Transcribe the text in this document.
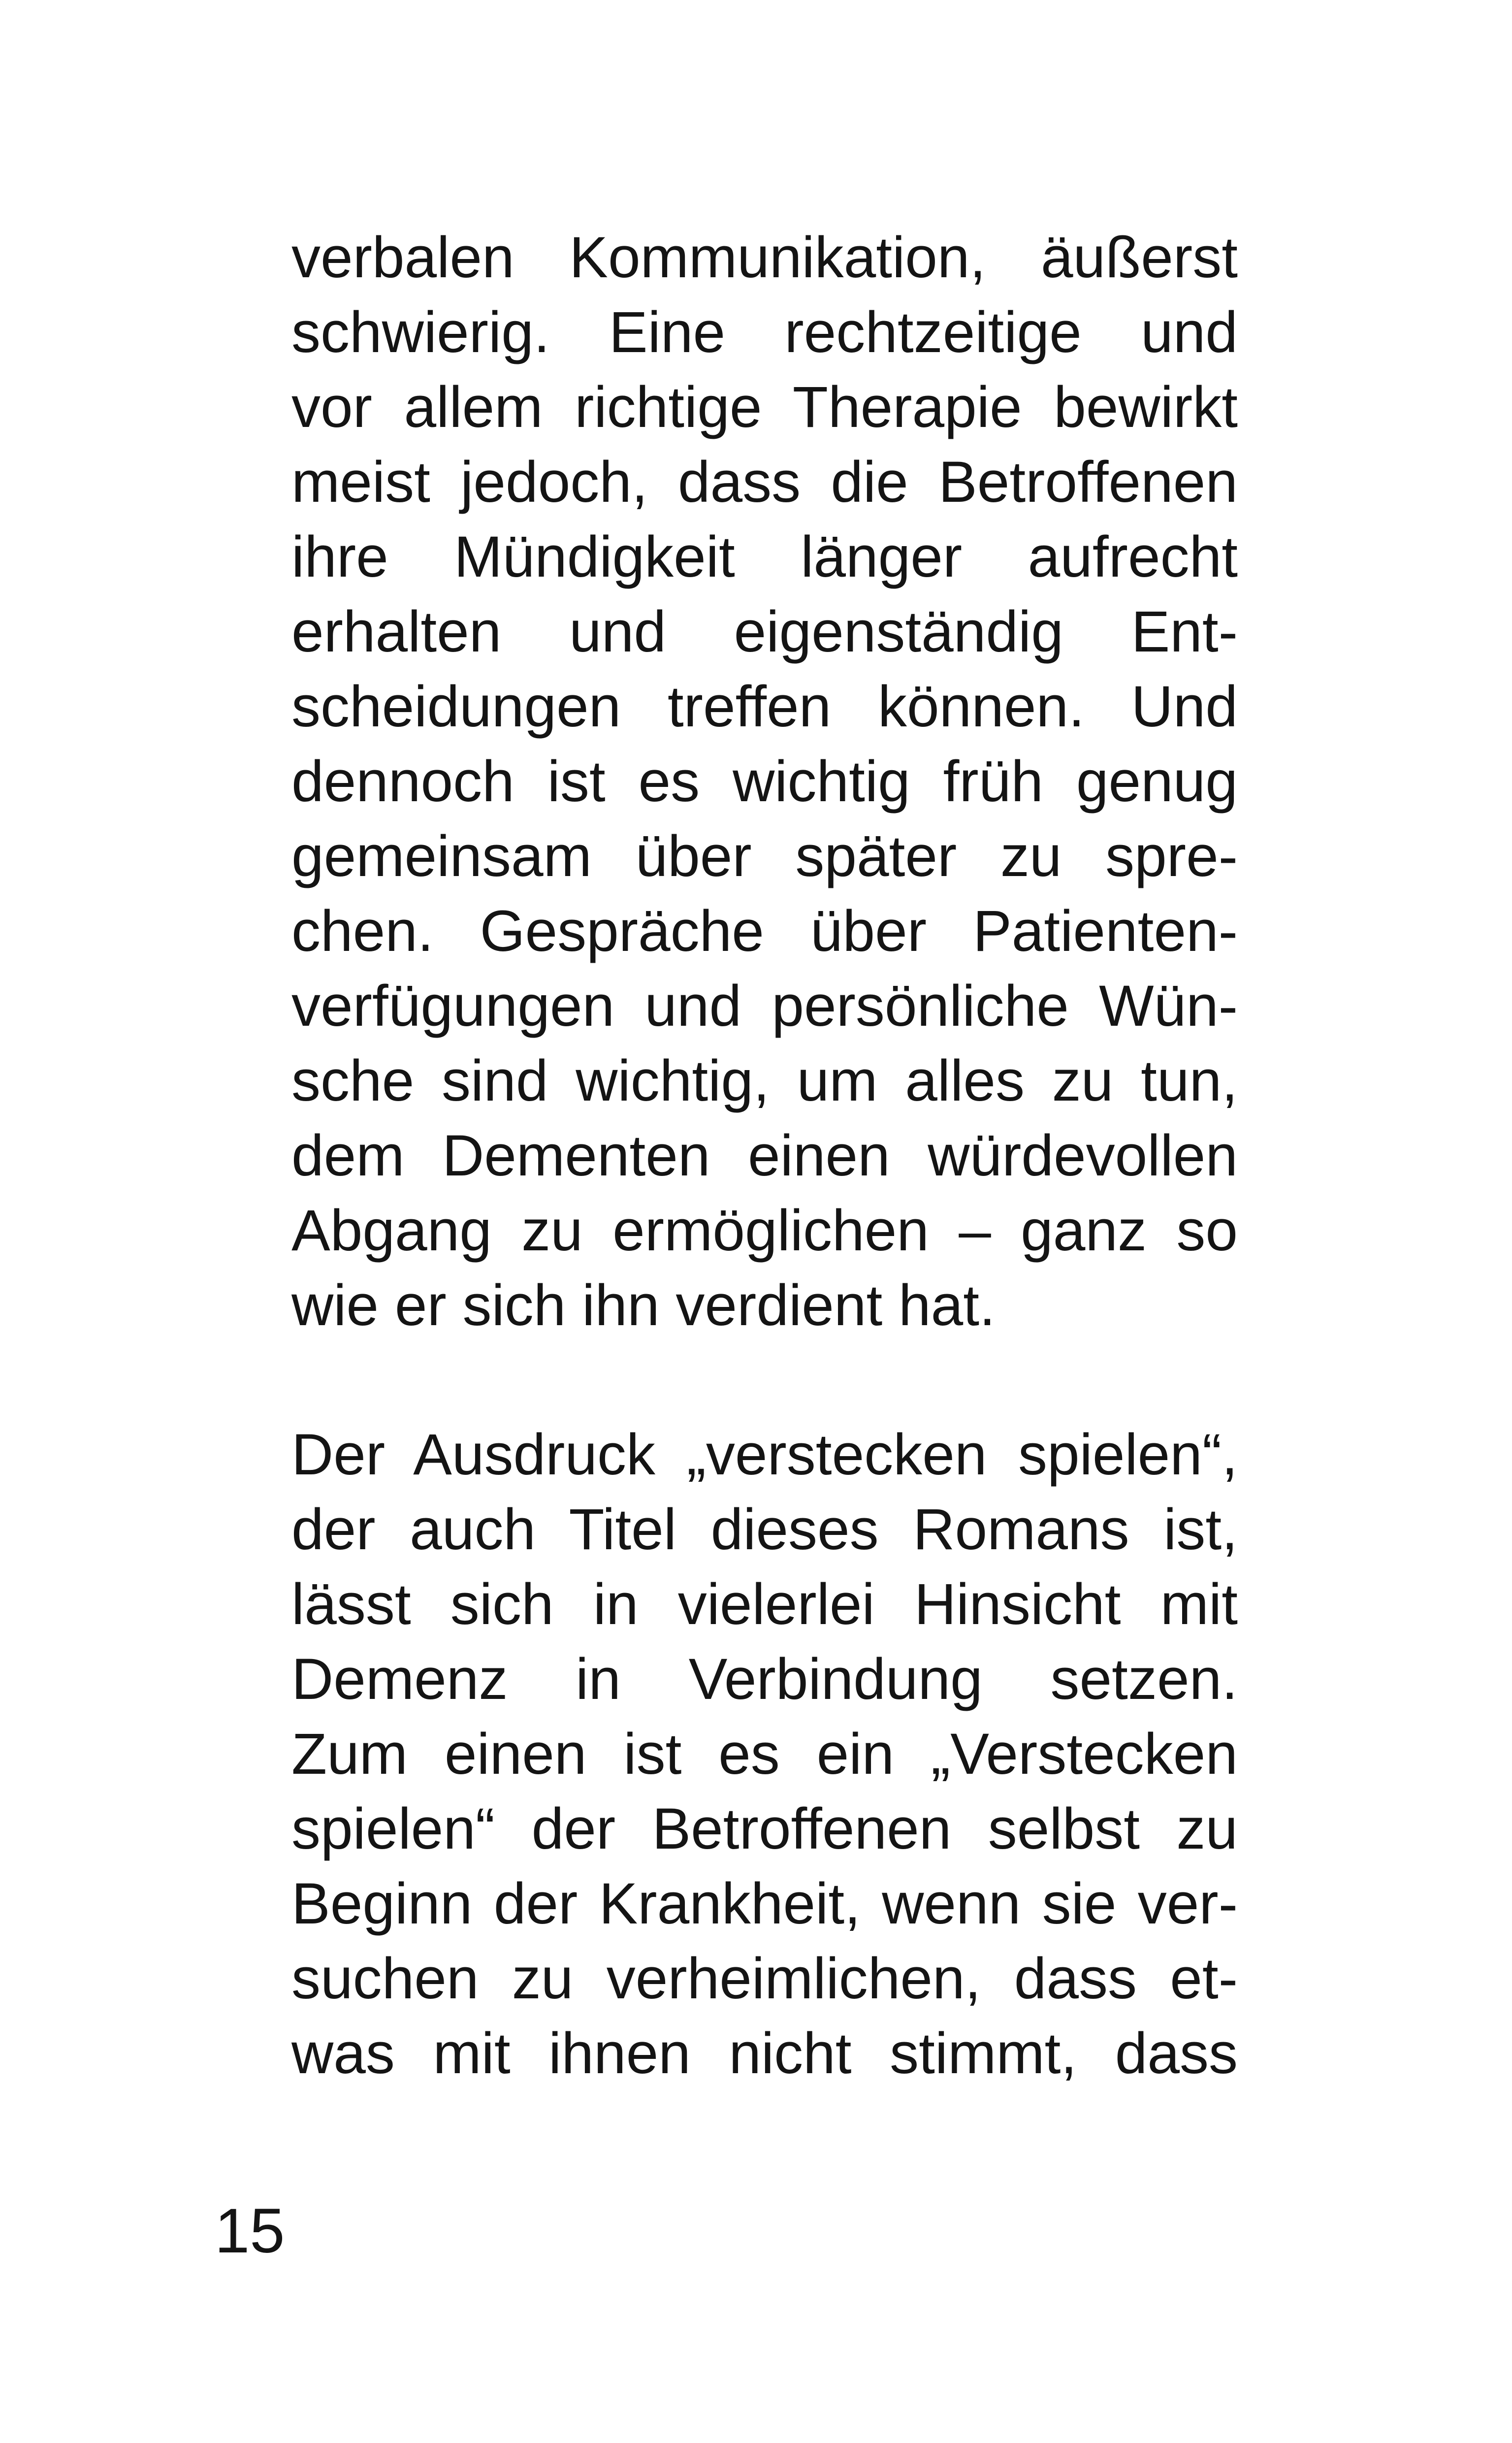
verbalen Kommunikation, äußerst
schwierig. Eine rechtzeitige und
vor allem richtige Therapie bewirkt
meist jedoch, dass die Betroffenen
ihre Mündigkeit länger aufrecht
erhalten und eigenständig Ent-
scheidungen treffen können. Und
dennoch ist es wichtig früh genug
gemeinsam über später zu spre-
chen. Gespräche über Patienten-
verfügungen und persönliche Wün-
sche sind wichtig, um alles zu tun,
dem Dementen einen würdevollen
Abgang zu ermöglichen – ganz so
wie er sich ihn verdient hat.
Der Ausdruck „verstecken spielen“,
der auch Titel dieses Romans ist,
lässt sich in vielerlei Hinsicht mit
Demenz in Verbindung setzen.
Zum einen ist es ein „Verstecken
spielen“ der Betroffenen selbst zu
Beginn der Krankheit, wenn sie ver-
suchen zu verheimlichen, dass et-
was mit ihnen nicht stimmt, dass
15
